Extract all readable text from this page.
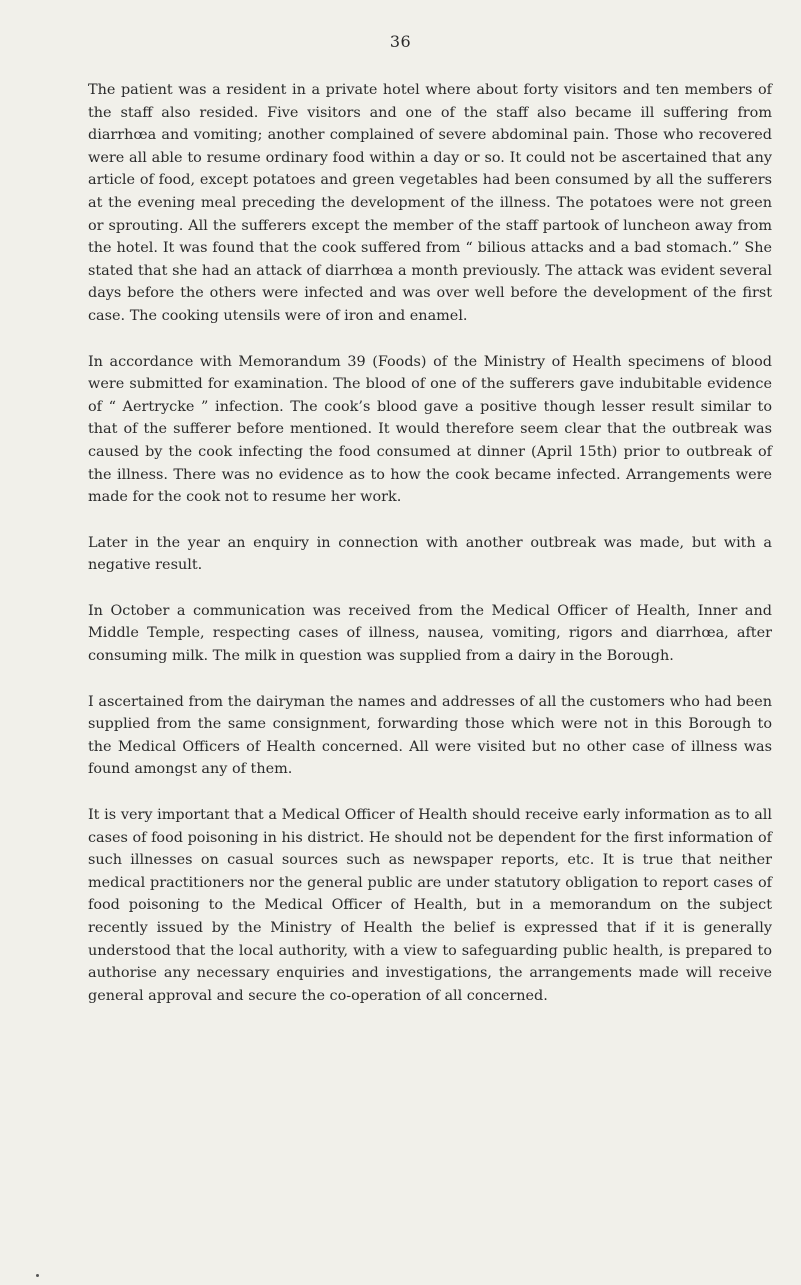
36

The patient was a resident in a private hotel where about forty visitors and ten members of the staff also resided. Five visitors and one of the staff also became ill suffering from diarrhœa and vomiting; another complained of severe abdominal pain. Those who recovered were all able to resume ordinary food within a day or so. It could not be ascertained that any article of food, except potatoes and green vegetables had been consumed by all the sufferers at the evening meal preceding the development of the illness. The potatoes were not green or sprouting. All the sufferers except the member of the staff partook of luncheon away from the hotel. It was found that the cook suffered from “ bilious attacks and a bad stomach.” She stated that she had an attack of diarrhœa a month previously. The attack was evident several days before the others were infected and was over well before the development of the first case. The cooking utensils were of iron and enamel.

In accordance with Memorandum 39 (Foods) of the Ministry of Health specimens of blood were submitted for examination. The blood of one of the sufferers gave indubitable evidence of “ Aertrycke ” infection. The cook’s blood gave a positive though lesser result similar to that of the sufferer before mentioned. It would therefore seem clear that the outbreak was caused by the cook infecting the food consumed at dinner (April 15th) prior to outbreak of the illness. There was no evidence as to how the cook became infected. Arrangements were made for the cook not to resume her work.

Later in the year an enquiry in connection with another outbreak was made, but with a negative result.

In October a communication was received from the Medical Officer of Health, Inner and Middle Temple, respecting cases of illness, nausea, vomiting, rigors and diarrhœa, after consuming milk. The milk in question was supplied from a dairy in the Borough.

I ascertained from the dairyman the names and addresses of all the customers who had been supplied from the same consignment, forwarding those which were not in this Borough to the Medical Officers of Health concerned. All were visited but no other case of illness was found amongst any of them.

It is very important that a Medical Officer of Health should receive early information as to all cases of food poisoning in his district. He should not be dependent for the first information of such illnesses on casual sources such as newspaper reports, etc. It is true that neither medical practitioners nor the general public are under statutory obligation to report cases of food poisoning to the Medical Officer of Health, but in a memorandum on the subject recently issued by the Ministry of Health the belief is expressed that if it is generally understood that the local authority, with a view to safeguarding public health, is prepared to authorise any necessary enquiries and investigations, the arrangements made will receive general approval and secure the co-operation of all concerned.
